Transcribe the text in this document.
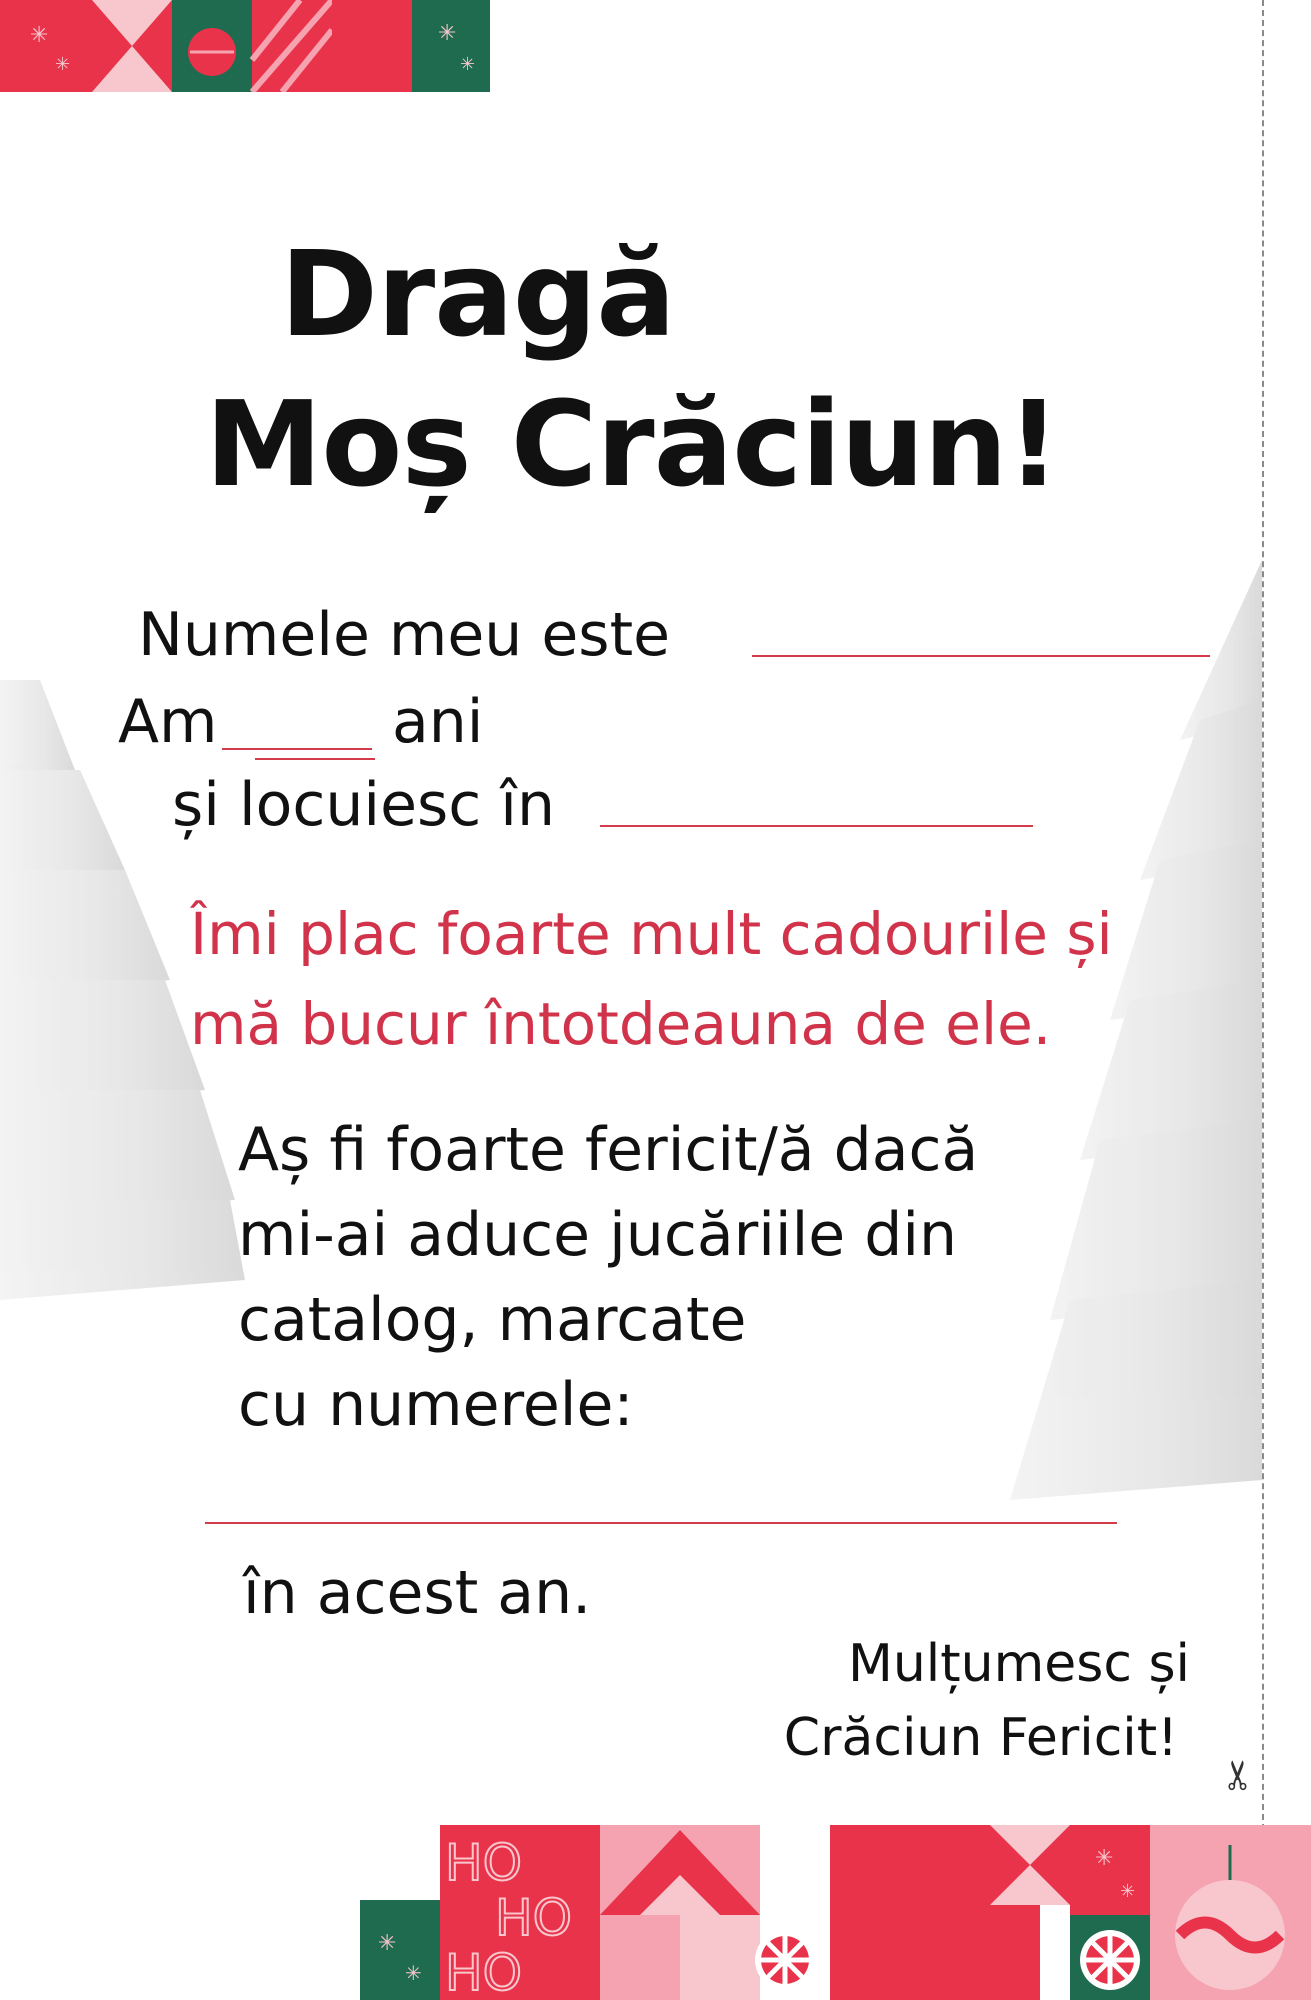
✳
✳
✳
✳
✂
Dragă
Moș Crăciun!
Numele meu este
Am	ani
și locuiesc în
Îmi plac foarte mult cadourile și
mă bucur întotdeauna de ele.
Aș fi foarte fericit/ă dacă
mi-ai aduce jucăriile din
catalog, marcate
cu numerele:
în acest an.
Mulțumesc și
Crăciun Fericit!
✳
✳
HO
HO
HO
✳
✳
